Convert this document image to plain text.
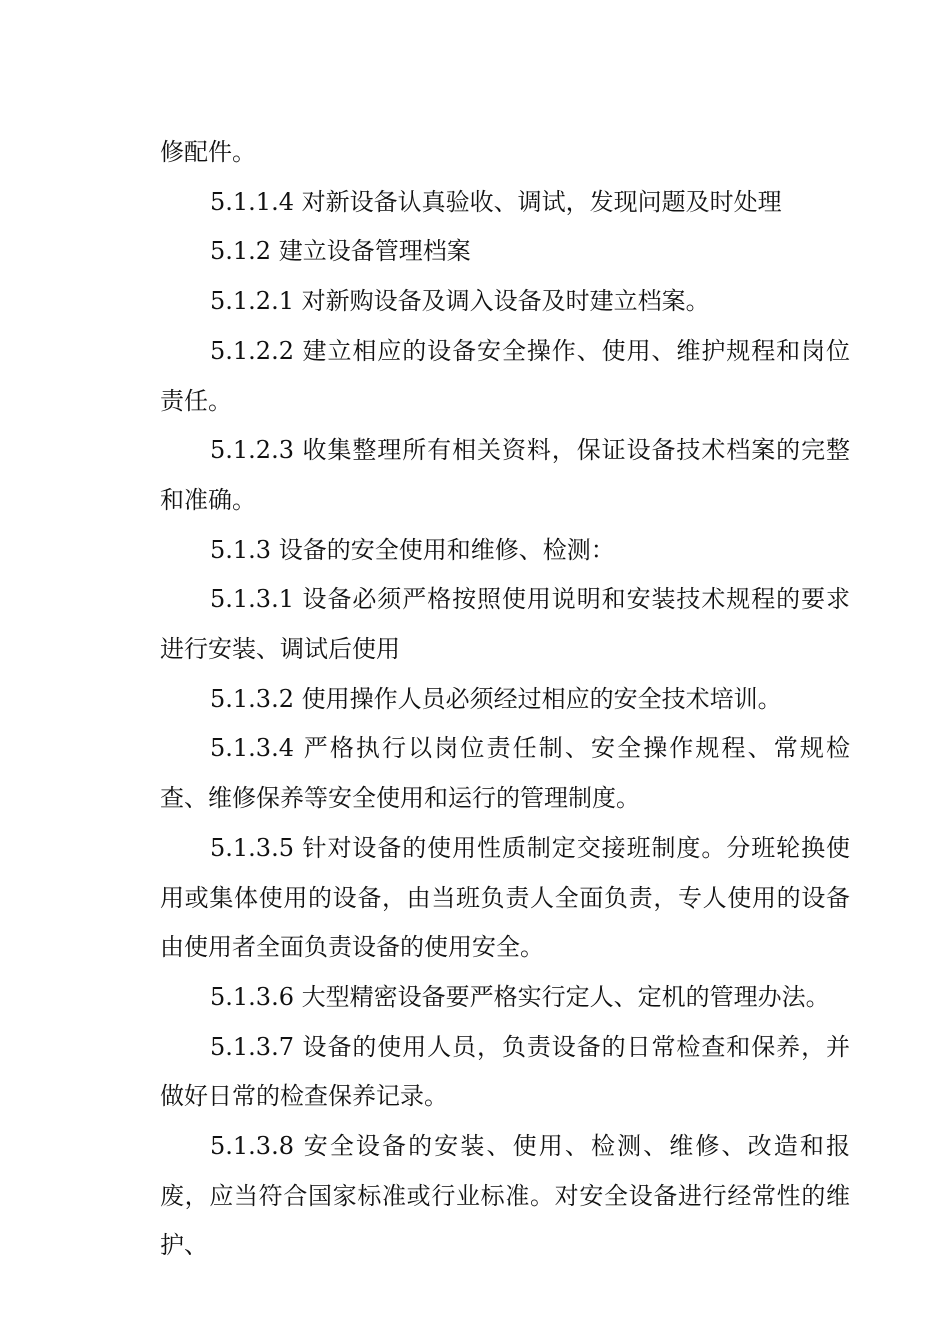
修配件。

5.1.1.4 对新设备认真验收、调试，发现问题及时处理

5.1.2 建立设备管理档案

5.1.2.1 对新购设备及调入设备及时建立档案。

5.1.2.2 建立相应的设备安全操作、使用、维护规程和岗位责任。

5.1.2.3 收集整理所有相关资料，保证设备技术档案的完整和准确。

5.1.3 设备的安全使用和维修、检测：

5.1.3.1 设备必须严格按照使用说明和安装技术规程的要求进行安装、调试后使用

5.1.3.2 使用操作人员必须经过相应的安全技术培训。

5.1.3.4 严格执行以岗位责任制、安全操作规程、常规检查、维修保养等安全使用和运行的管理制度。

5.1.3.5 针对设备的使用性质制定交接班制度。分班轮换使用或集体使用的设备，由当班负责人全面负责，专人使用的设备由使用者全面负责设备的使用安全。

5.1.3.6 大型精密设备要严格实行定人、定机的管理办法。

5.1.3.7 设备的使用人员，负责设备的日常检查和保养，并做好日常的检查保养记录。

5.1.3.8 安全设备的安装、使用、检测、维修、改造和报废，应当符合国家标准或行业标准。对安全设备进行经常性的维护、
